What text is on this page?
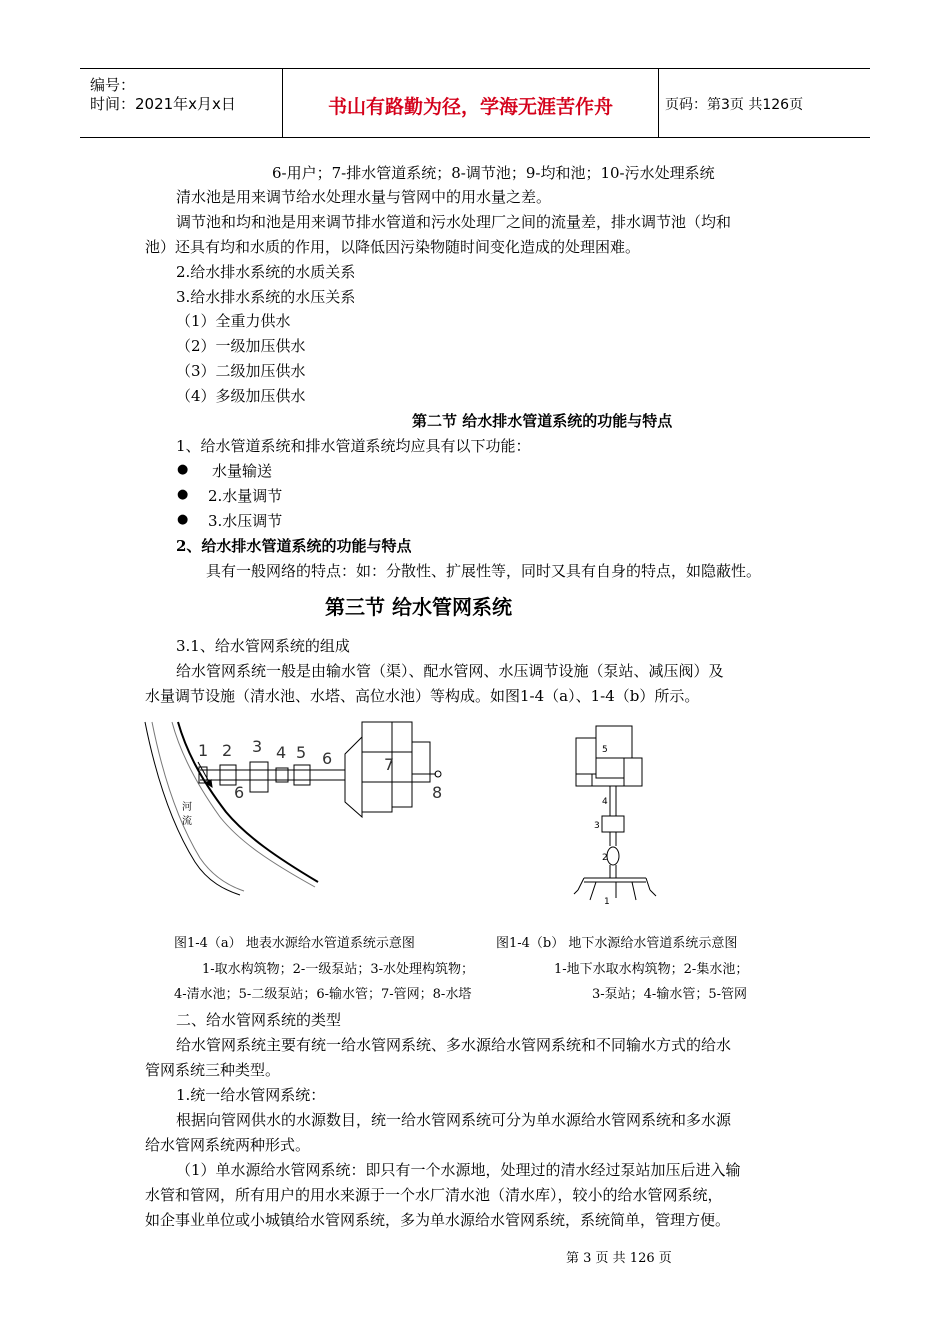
编号：
时间：2021年x月x日	书山有路勤为径，学海无涯苦作舟	页码：第3页 共126页
6-用户；7-排水管道系统；8-调节池；9-均和池；10-污水处理系统
清水池是用来调节给水处理水量与管网中的用水量之差。
调节池和均和池是用来调节排水管道和污水处理厂之间的流量差，排水调节池（均和
池）还具有均和水质的作用，以降低因污染物随时间变化造成的处理困难。
2.给水排水系统的水质关系
3.给水排水系统的水压关系
（1）全重力供水
（2）一级加压供水
（3）二级加压供水
（4）多级加压供水
第二节 给水排水管道系统的功能与特点
1、给水管道系统和排水管道系统均应具有以下功能：
● 水量输送
● 2.水量调节
● 3.水压调节
2、给水排水管道系统的功能与特点
具有一般网络的特点：如：分散性、扩展性等，同时又具有自身的特点，如隐蔽性。
第三节 给水管网系统
3.1、给水管网系统的组成
给水管网系统一般是由输水管（渠）、配水管网、水压调节设施（泵站、减压阀）及
水量调节设施（清水池、水塔、高位水池）等构成。如图1-4（a）、1-4（b）所示。
1 2 3 4 5 6
6
7
8
河
流
5
4
3
2
1
图1-4（a） 地表水源给水管道系统示意图	图1-4（b） 地下水源给水管道系统示意图
1-取水构筑物；2-一级泵站；3-水处理构筑物；	1-地下水取水构筑物；2-集水池；
4-清水池；5-二级泵站；6-输水管；7-管网；8-水塔	3-泵站；4-输水管；5-管网
二、给水管网系统的类型
给水管网系统主要有统一给水管网系统、多水源给水管网系统和不同输水方式的给水
管网系统三种类型。
1.统一给水管网系统：
根据向管网供水的水源数目，统一给水管网系统可分为单水源给水管网系统和多水源
给水管网系统两种形式。
（1）单水源给水管网系统：即只有一个水源地，处理过的清水经过泵站加压后进入输
水管和管网，所有用户的用水来源于一个水厂清水池（清水库），较小的给水管网系统，
如企事业单位或小城镇给水管网系统，多为单水源给水管网系统，系统简单，管理方便。
第 3 页 共 126 页
